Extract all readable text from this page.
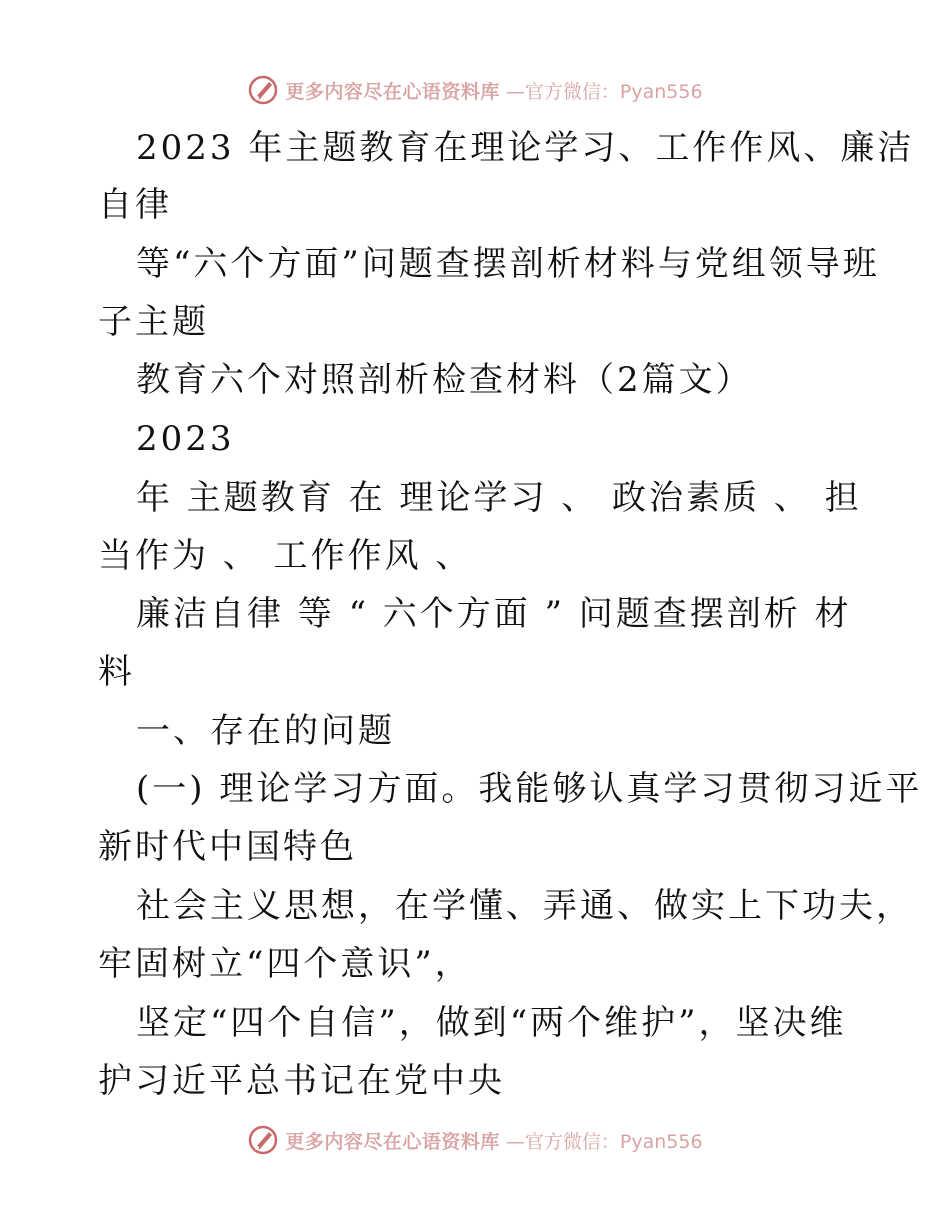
更多内容尽在心语资料库 —官方微信：Pyan556
2023 年主题教育在理论学习、工作作风、廉洁
自律
等“六个方面”问题查摆剖析材料与党组领导班
子主题
教育六个对照剖析检查材料（2篇文）
2023
年 主题教育 在 理论学习 、 政治素质 、 担
当作为 、 工作作风 、
廉洁自律 等 “ 六个方面 ” 问题查摆剖析 材
料
一、存在的问题
(一) 理论学习方面。我能够认真学习贯彻习近平
新时代中国特色
社会主义思想，在学懂、弄通、做实上下功夫，
牢固树立“四个意识”，
坚定“四个自信”，做到“两个维护”，坚决维
护习近平总书记在党中央
更多内容尽在心语资料库 —官方微信：Pyan556
